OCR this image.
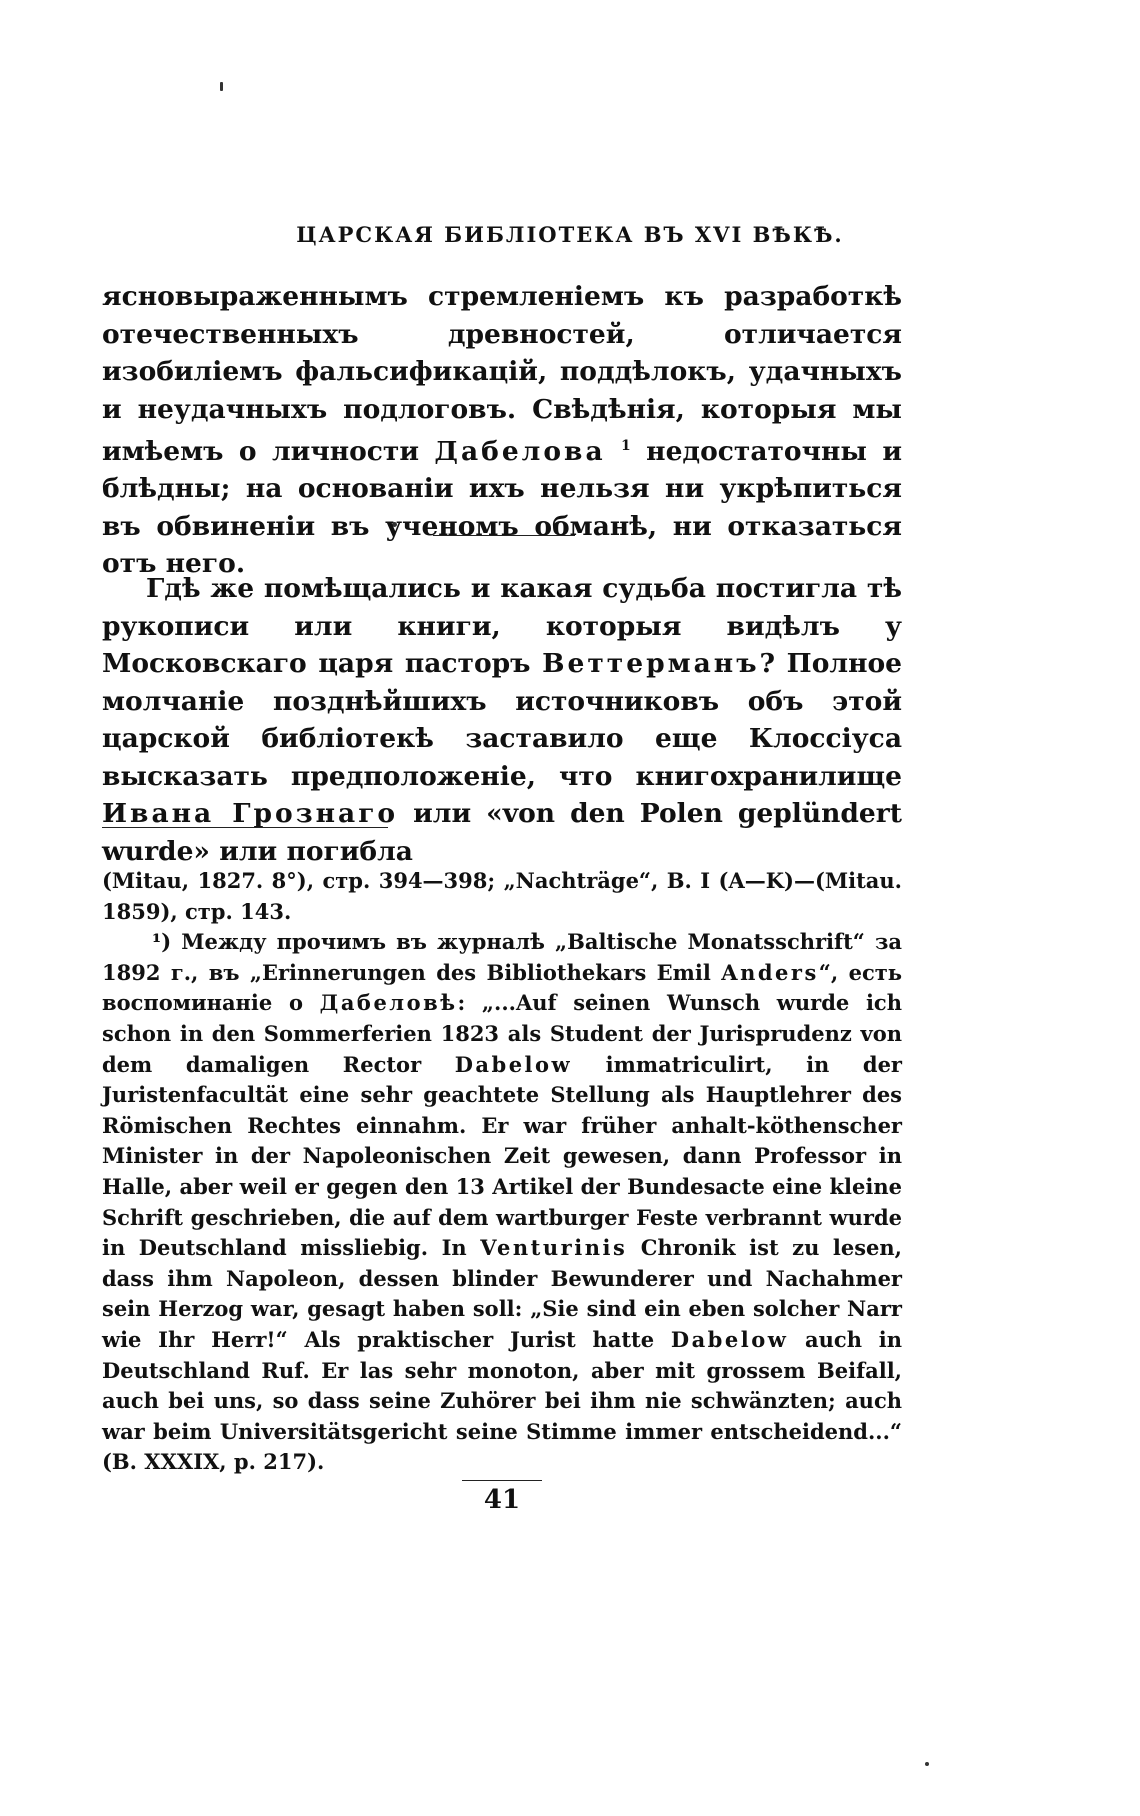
ЦАРСКАЯ БИБЛІОТЕКА ВЪ XVI ВѢКѢ.
ясновыраженнымъ стремленіемъ къ разработкѣ отечественныхъ древностей, отличается изобиліемъ фальсификацій, поддѣлокъ, удачныхъ и неудачныхъ подлоговъ. Свѣдѣнія, которыя мы имѣемъ о личности Дабелова $^1$ недостаточны и блѣдны; на основаніи ихъ нельзя ни укрѣпиться въ обвиненіи въ ученомъ обманѣ, ни отказаться отъ него.
Гдѣ же помѣщались и какая судьба постигла тѣ рукописи или книги, которыя видѣлъ у Московскаго царя пасторъ Веттерманъ? Полное молчаніе позднѣйшихъ источниковъ объ этой царской библіотекѣ заставило еще Клоссіуса высказать предположеніе, что книгохранилище Ивана Грознаго или «von den Polen geplündert wurde» или погибла

(Mitau, 1827. 8°), стр. 394—398; „Nachträge“, B. I (A—K)—(Mitau. 1859), стр. 143.

¹) Между прочимъ въ журналѣ „Baltische Monatsschrift“ за 1892 г., въ „Erinnerungen des Bibliothekars Emil Anders“, есть воспоминаніе о Дабеловѣ: „...Auf seinen Wunsch wurde ich schon in den Sommerferien 1823 als Student der Jurisprudenz von dem damaligen Rector Dabelow immatriculirt, in der Juristenfacultät eine sehr geachtete Stellung als Hauptlehrer des Römischen Rechtes einnahm. Er war früher anhalt-köthenscher Minister in der Napoleonischen Zeit gewesen, dann Professor in Halle, aber weil er gegen den 13 Artikel der Bundesacte eine kleine Schrift geschrieben, die auf dem wartburger Feste verbrannt wurde in Deutschland missliebig. In Venturinis Chronik ist zu lesen, dass ihm Napoleon, dessen blinder Bewunderer und Nachahmer sein Herzog war, gesagt haben soll: „Sie sind ein eben solcher Narr wie Ihr Herr!“ Als praktischer Jurist hatte Dabelow auch in Deutschland Ruf. Er las sehr monoton, aber mit grossem Beifall, auch bei uns, so dass seine Zuhörer bei ihm nie schwänzten; auch war beim Universitätsgericht seine Stimme immer entscheidend...“ (B. XXXIX, p. 217).

41
